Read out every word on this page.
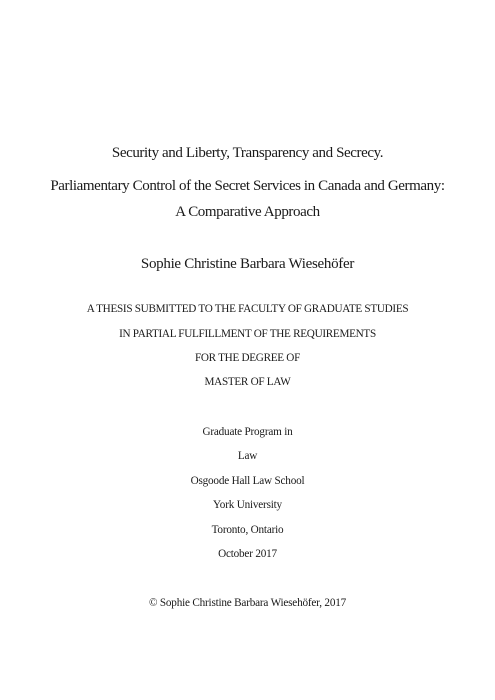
Security and Liberty, Transparency and Secrecy.
Parliamentary Control of the Secret Services in Canada and Germany:
A Comparative Approach
Sophie Christine Barbara Wiesehöfer
A THESIS SUBMITTED TO THE FACULTY OF GRADUATE STUDIES
IN PARTIAL FULFILLMENT OF THE REQUIREMENTS
FOR THE DEGREE OF
MASTER OF LAW
Graduate Program in
Law
Osgoode Hall Law School
York University
Toronto, Ontario
October 2017
© Sophie Christine Barbara Wiesehöfer, 2017
